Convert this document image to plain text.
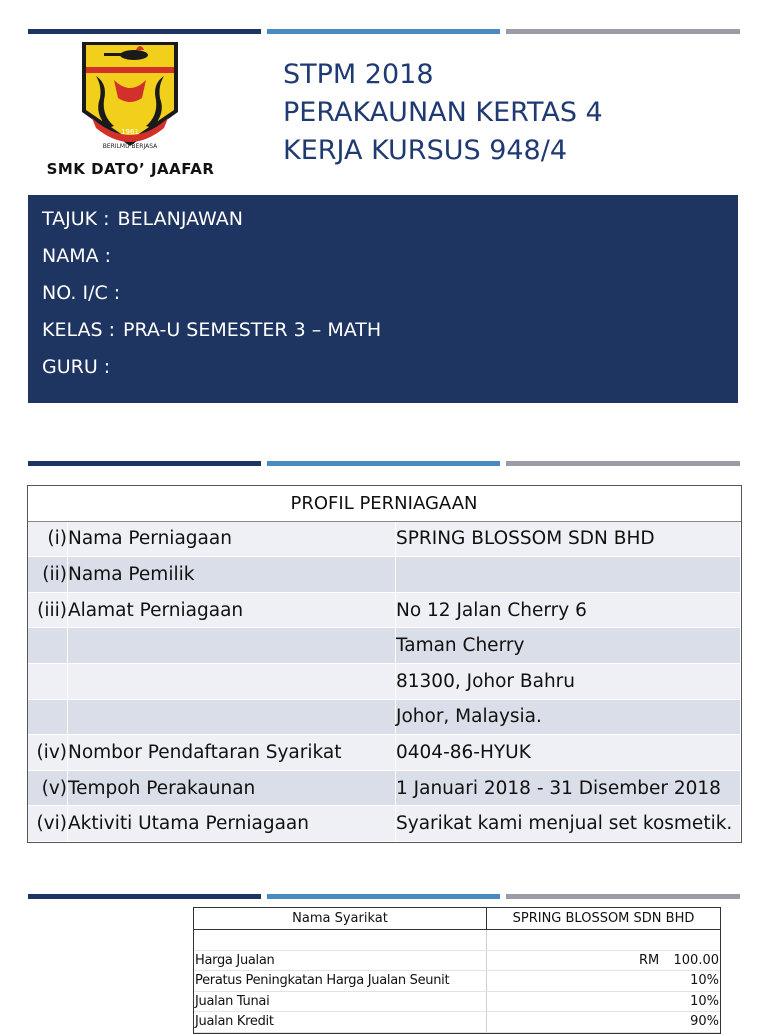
1961
BERILMU BERJASA
SMK DATO’ JAAFAR
STPM 2018
PERAKAUNAN KERTAS 4
KERJA KURSUS 948/4
TAJUK : BELANJAWAN
NAMA :
NO. I/C :
KELAS : PRA-U SEMESTER 3 – MATH
GURU :
PROFIL PERNIAGAAN		
(i)	Nama Perniagaan	SPRING BLOSSOM SDN BHD
(ii)	Nama Pemilik	
(iii)	Alamat Perniagaan	No 12 Jalan Cherry 6
		Taman Cherry
		81300, Johor Bahru
		Johor, Malaysia.
(iv)	Nombor Pendaftaran Syarikat	0404-86-HYUK
(v)	Tempoh Perakaunan	1 Januari 2018 - 31 Disember 2018
(vi)	Aktiviti Utama Perniagaan	Syarikat kami menjual set kosmetik.
Nama Syarikat	SPRING BLOSSOM SDN BHD
Harga Jualan	RM 100.00
Peratus Peningkatan Harga Jualan Seunit	10%
Jualan Tunai	10%
Jualan Kredit	90%
